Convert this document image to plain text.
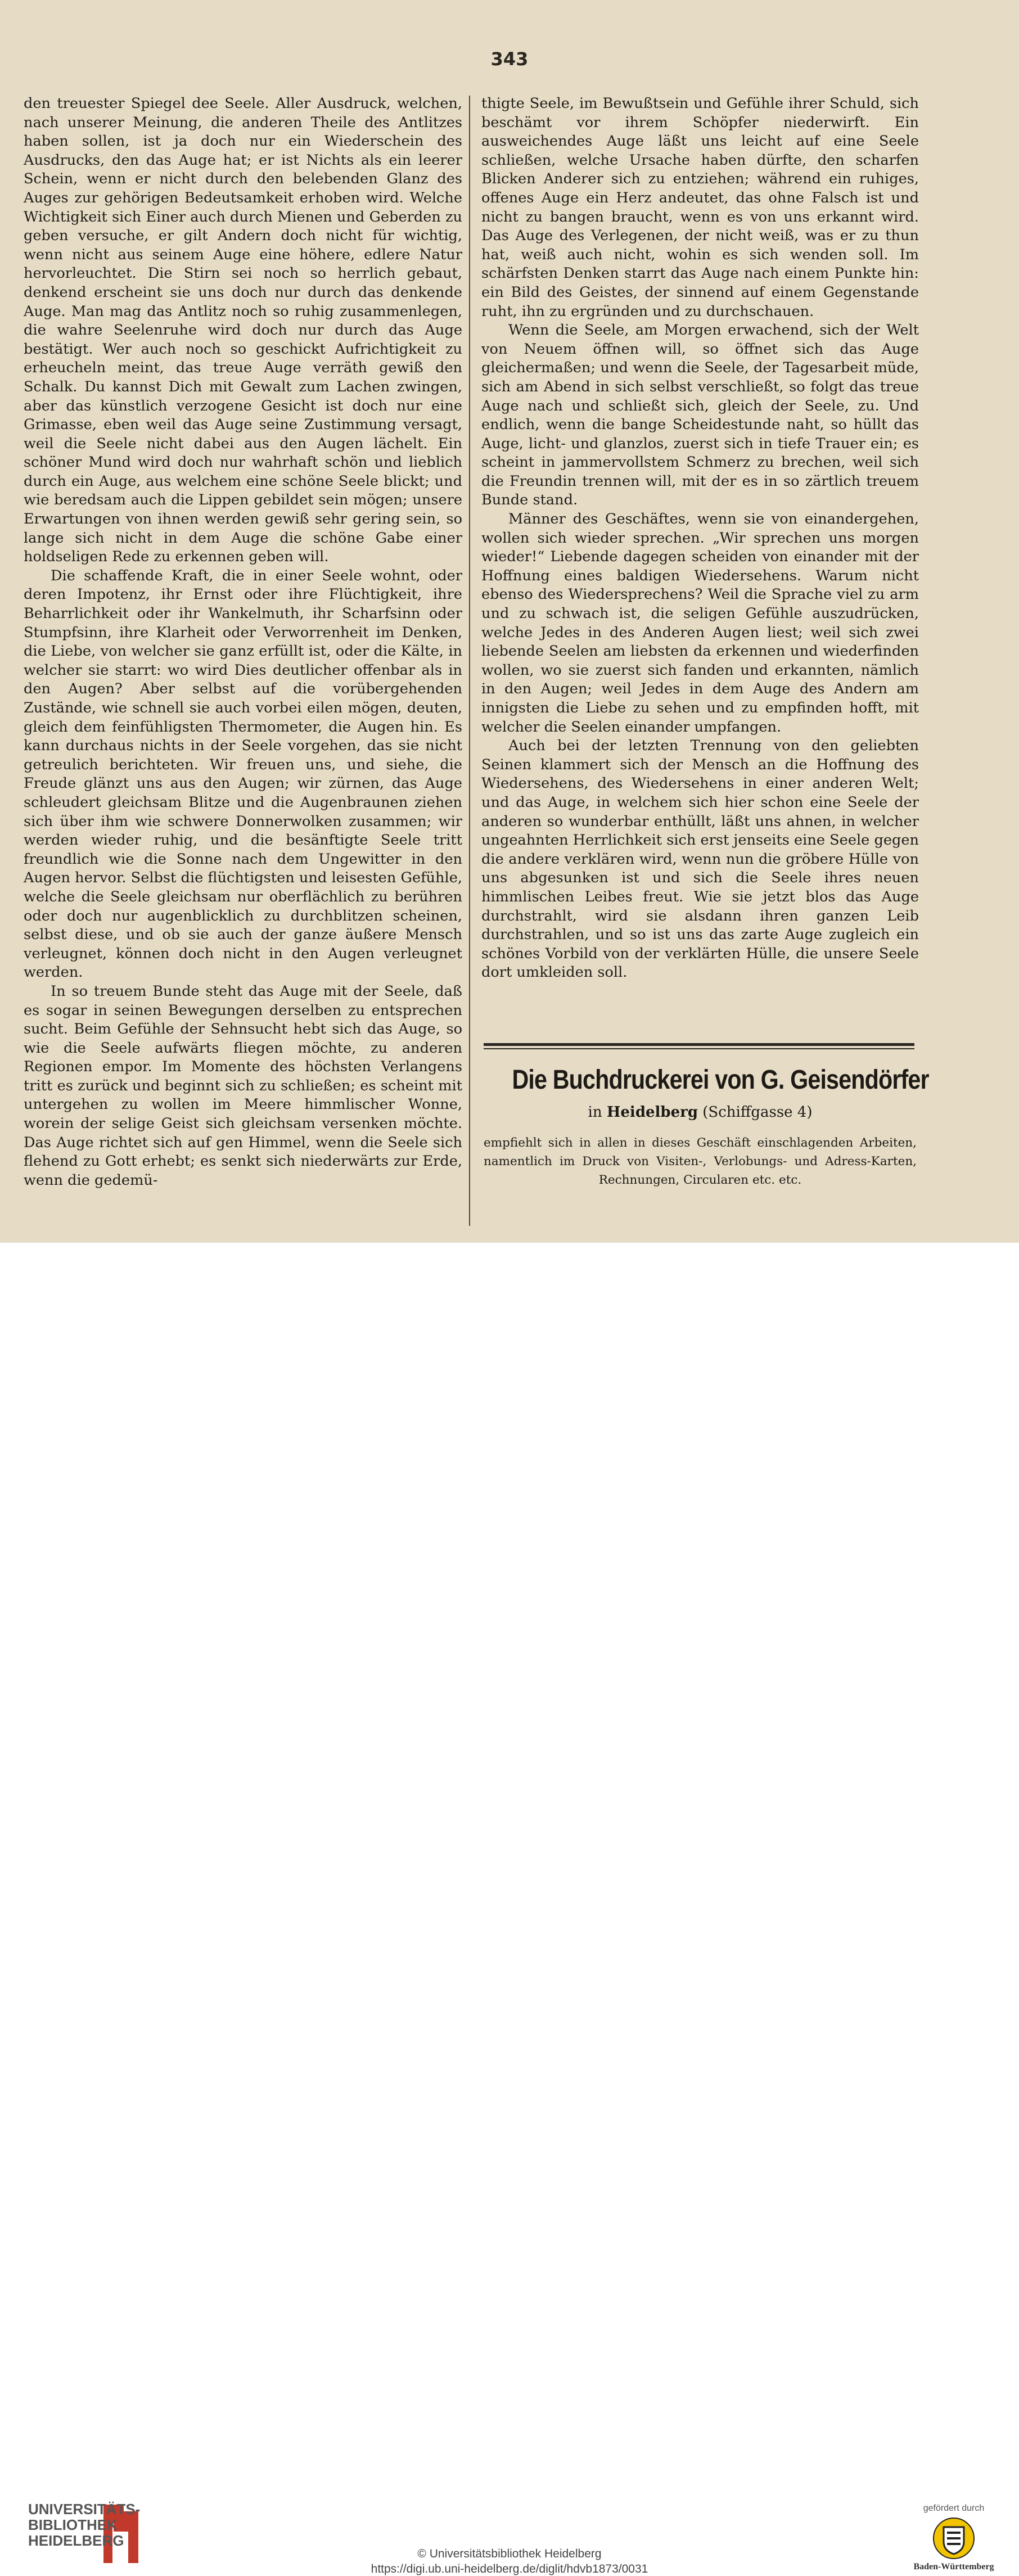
343

den treuester Spiegel dee Seele. Aller Ausdruck, welchen, nach unserer Meinung, die anderen Theile des Antlitzes haben sollen, ist ja doch nur ein Wiederschein des Ausdrucks, den das Auge hat; er ist Nichts als ein leerer Schein, wenn er nicht durch den belebenden Glanz des Auges zur gehörigen Bedeutsamkeit erhoben wird. Welche Wichtigkeit sich Einer auch durch Mienen und Geberden zu geben versuche, er gilt Andern doch nicht für wichtig, wenn nicht aus seinem Auge eine höhere, edlere Natur hervorleuchtet. Die Stirn sei noch so herrlich gebaut, denkend erscheint sie uns doch nur durch das denkende Auge. Man mag das Antlitz noch so ruhig zusammenlegen, die wahre Seelenruhe wird doch nur durch das Auge bestätigt. Wer auch noch so geschickt Aufrichtigkeit zu erheucheln meint, das treue Auge verräth gewiß den Schalk. Du kannst Dich mit Gewalt zum Lachen zwingen, aber das künstlich verzogene Gesicht ist doch nur eine Grimasse, eben weil das Auge seine Zustimmung versagt, weil die Seele nicht dabei aus den Augen lächelt. Ein schöner Mund wird doch nur wahrhaft schön und lieblich durch ein Auge, aus welchem eine schöne Seele blickt; und wie beredsam auch die Lippen gebildet sein mögen; unsere Erwartungen von ihnen werden gewiß sehr gering sein, so lange sich nicht in dem Auge die schöne Gabe einer holdseligen Rede zu erkennen geben will.

Die schaffende Kraft, die in einer Seele wohnt, oder deren Impotenz, ihr Ernst oder ihre Flüchtigkeit, ihre Beharrlichkeit oder ihr Wankelmuth, ihr Scharfsinn oder Stumpfsinn, ihre Klarheit oder Verworrenheit im Denken, die Liebe, von welcher sie ganz erfüllt ist, oder die Kälte, in welcher sie starrt: wo wird Dies deutlicher offenbar als in den Augen? Aber selbst auf die vorübergehenden Zustände, wie schnell sie auch vorbei eilen mögen, deuten, gleich dem feinfühligsten Thermometer, die Augen hin. Es kann durchaus nichts in der Seele vorgehen, das sie nicht getreulich berichteten. Wir freuen uns, und siehe, die Freude glänzt uns aus den Augen; wir zürnen, das Auge schleudert gleichsam Blitze und die Augenbraunen ziehen sich über ihm wie schwere Donnerwolken zusammen; wir werden wieder ruhig, und die besänftigte Seele tritt freundlich wie die Sonne nach dem Ungewitter in den Augen hervor. Selbst die flüchtigsten und leisesten Gefühle, welche die Seele gleichsam nur oberflächlich zu berühren oder doch nur augenblicklich zu durchblitzen scheinen, selbst diese, und ob sie auch der ganze äußere Mensch verleugnet, können doch nicht in den Augen verleugnet werden.

In so treuem Bunde steht das Auge mit der Seele, daß es sogar in seinen Bewegungen derselben zu entsprechen sucht. Beim Gefühle der Sehnsucht hebt sich das Auge, so wie die Seele aufwärts fliegen möchte, zu anderen Regionen empor. Im Momente des höchsten Verlangens tritt es zurück und beginnt sich zu schließen; es scheint mit untergehen zu wollen im Meere himmlischer Wonne, worein der selige Geist sich gleichsam versenken möchte. Das Auge richtet sich auf gen Himmel, wenn die Seele sich flehend zu Gott erhebt; es senkt sich niederwärts zur Erde, wenn die gedemü-

thigte Seele, im Bewußtsein und Gefühle ihrer Schuld, sich beschämt vor ihrem Schöpfer niederwirft. Ein ausweichendes Auge läßt uns leicht auf eine Seele schließen, welche Ursache haben dürfte, den scharfen Blicken Anderer sich zu entziehen; während ein ruhiges, offenes Auge ein Herz andeutet, das ohne Falsch ist und nicht zu bangen braucht, wenn es von uns erkannt wird. Das Auge des Verlegenen, der nicht weiß, was er zu thun hat, weiß auch nicht, wohin es sich wenden soll. Im schärfsten Denken starrt das Auge nach einem Punkte hin: ein Bild des Geistes, der sinnend auf einem Gegenstande ruht, ihn zu ergründen und zu durchschauen.

Wenn die Seele, am Morgen erwachend, sich der Welt von Neuem öffnen will, so öffnet sich das Auge gleichermaßen; und wenn die Seele, der Tagesarbeit müde, sich am Abend in sich selbst verschließt, so folgt das treue Auge nach und schließt sich, gleich der Seele, zu. Und endlich, wenn die bange Scheidestunde naht, so hüllt das Auge, licht- und glanzlos, zuerst sich in tiefe Trauer ein; es scheint in jammervollstem Schmerz zu brechen, weil sich die Freundin trennen will, mit der es in so zärtlich treuem Bunde stand.

Männer des Geschäftes, wenn sie von einandergehen, wollen sich wieder sprechen. „Wir sprechen uns morgen wieder!“ Liebende dagegen scheiden von einander mit der Hoffnung eines baldigen Wiedersehens. Warum nicht ebenso des Wiedersprechens? Weil die Sprache viel zu arm und zu schwach ist, die seligen Gefühle auszudrücken, welche Jedes in des Anderen Augen liest; weil sich zwei liebende Seelen am liebsten da erkennen und wiederfinden wollen, wo sie zuerst sich fanden und erkannten, nämlich in den Augen; weil Jedes in dem Auge des Andern am innigsten die Liebe zu sehen und zu empfinden hofft, mit welcher die Seelen einander umpfangen.

Auch bei der letzten Trennung von den geliebten Seinen klammert sich der Mensch an die Hoffnung des Wiedersehens, des Wiedersehens in einer anderen Welt; und das Auge, in welchem sich hier schon eine Seele der anderen so wunderbar enthüllt, läßt uns ahnen, in welcher ungeahnten Herrlichkeit sich erst jenseits eine Seele gegen die andere verklären wird, wenn nun die gröbere Hülle von uns abgesunken ist und sich die Seele ihres neuen himmlischen Leibes freut. Wie sie jetzt blos das Auge durchstrahlt, wird sie alsdann ihren ganzen Leib durchstrahlen, und so ist uns das zarte Auge zugleich ein schönes Vorbild von der verklärten Hülle, die unsere Seele dort umkleiden soll.

Die Buchdruckerei von G. Geisendörfer
in Heidelberg (Schiffgasse 4)
empfiehlt sich in allen in dieses Geschäft einschlagenden Arbeiten, namentlich im Druck von Visiten-, Verlobungs- und Adress-Karten, Rechnungen, Circularen etc. etc.
UNIVERSITÄTS-
BIBLIOTHEK
HEIDELBERG
© Universitätsbibliothek Heidelberg
https://digi.ub.uni-heidelberg.de/diglit/hdvb1873/0031
gefördert durch
Baden-Württemberg
